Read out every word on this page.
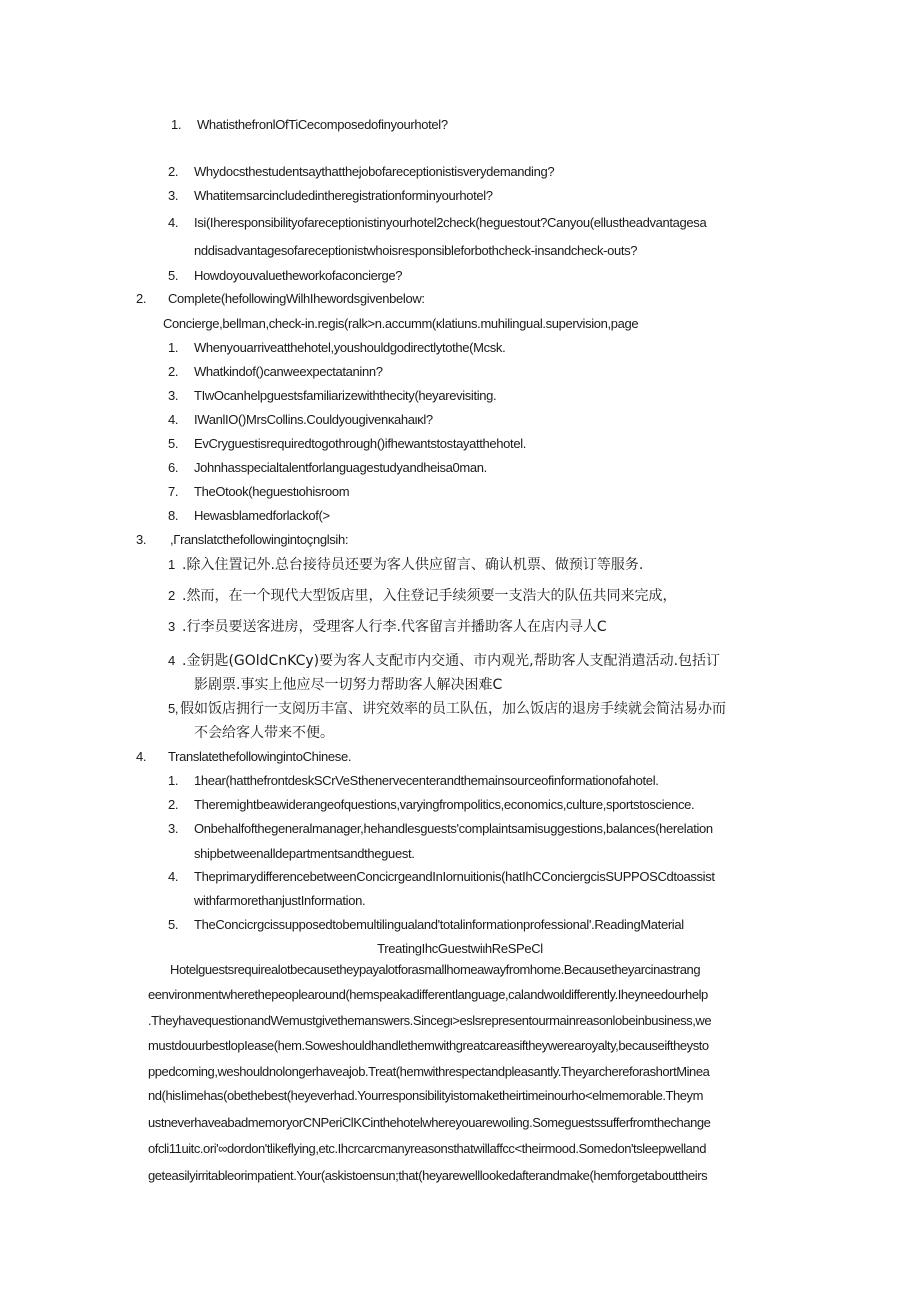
1. WhatisthefronlOfTiCecomposedofinyourhotel?
2. Whydocsthestudentsaythatthejobofareceptionistisverydemanding?
3. Whatitemsarcincludedintheregistrationforminyourhotel?
4. Isi(Iheresponsibilityofareceptionistinyourhotel2check(heguestout?Canyou(ellustheadvantagesa
nddisadvantagesofareceptionistwhoisresponsibleforbothcheck-insandcheck-outs?
5. Howdoyouvaluetheworkofaconcierge?
2. Complete(hefollowingWilhIhewordsgivenbelow:
Concierge,bellman,check-in.regis(ralk>n.accumm(κlatiuns.muhilingual.supervision,page
1. Whenyouarriveatthehotel,youshouldgodirectlytothe(Mcsk.
2. Whatkindof()canweexpectataninn?
3. TIwOcanhelpguestsfamiliarizewiththecity(heyarevisiting.
4. IWanlIO()MrsCollins.Couldyougivenκahaικl?
5. EvCryguestisrequiredtogothrough()ifhewantstostayatthehotel.
6. Johnhasspecialtalentforlanguagestudyandheisa0man.
7. TheOtook(heguestιohisroom
8. Hewasblamedforlackof(>
3. ,Γranslatcthefollowingintoçnglsih:
1 .除入住置记外.总台接待员还要为客人供应留言、确认机票、做预订等服务.
2 .然而，在一个现代大型饭店里，入住登记手续须要一支浩大的队伍共同来完成，
3 .行李员要送客进房，受理客人行李.代客留言并播助客人在店内寻人C
4 .金钥匙(GOldCnKCy)要为客人支配市内交通、市内观光,帮助客人支配消遣活动.包括订
影剧票.事实上他应尽一切努力帮助客人解决困难C
5, 假如饭店拥行一支阅历丰富、讲究效率的员工队伍，加么饭店的退房手续就会简沽易办而
不会给客人带来不便。
4. TranslatethefollowingintoChinese.
1. 1hear(hatthefrontdeskSCrVeSthenervecenterandthemainsourceofinformationofahotel.
2. Theremightbeawiderangeofquestions,varyingfrompolitics,economics,culture,sportstoscience.
3. Onbehalfofthegeneralmanager,hehandlesguests'complaintsamisuggestions,balances(herelation
shipbetweenalldepartmentsandtheguest.
4. TheprimarydifferencebetweenConcicrgeandInΙornuitionis(hatIhCConciergcisSUPPOSCdtoassist
withfarmorethanjustInformation.
5. TheConcicrgcissupposedtobemultilingualand'totalinformationprofessional'.ReadingMaterial
TreatingIhcGuestwiιhReSPeCl
Hotelguestsrequirealotbecausetheypayalotforasmallhomeawayfromhome.Becausetheyarcinastrang
eenvironmentwherethepeoplearound(hemspeakadifferentlanguage,calandwoιldifferently.Iheyneedourhelp
.TheyhavequestionandWemustgivethemanswers.Sincegι>eslsrepresentourmainreasonlobeinbusiness,we
mustdouurbestlopIease(hem.Soweshouldhandlethemwithgreatcareasiftheywerearoyalty,becauseiftheysto
ppedcoming,weshouldnolongerhaveajob.Treat(hemwithrespectandpleasantly.TheyarchereforashortMinea
nd(hisIimehas(obethebest(heyeverhad.Yourresponsibilityistomaketheirtimeinourho<elmemorable.Theym
ustneverhaveabadmemoryorCNPeriClKCinthehotelwhereyouarewoιling.Someguestssufferfromthechange
ofcli11uitc.ori'∞dordon'tlikeflying,etc.Ihcrcarcmanyreasonsthatwillaffcc<theirmood.Somedon'tsleepwelland
geteasilyirritableorimpatient.Your(askistoensun;that(heyarewelllookedafterandmake(hemforgetabouttheirs
